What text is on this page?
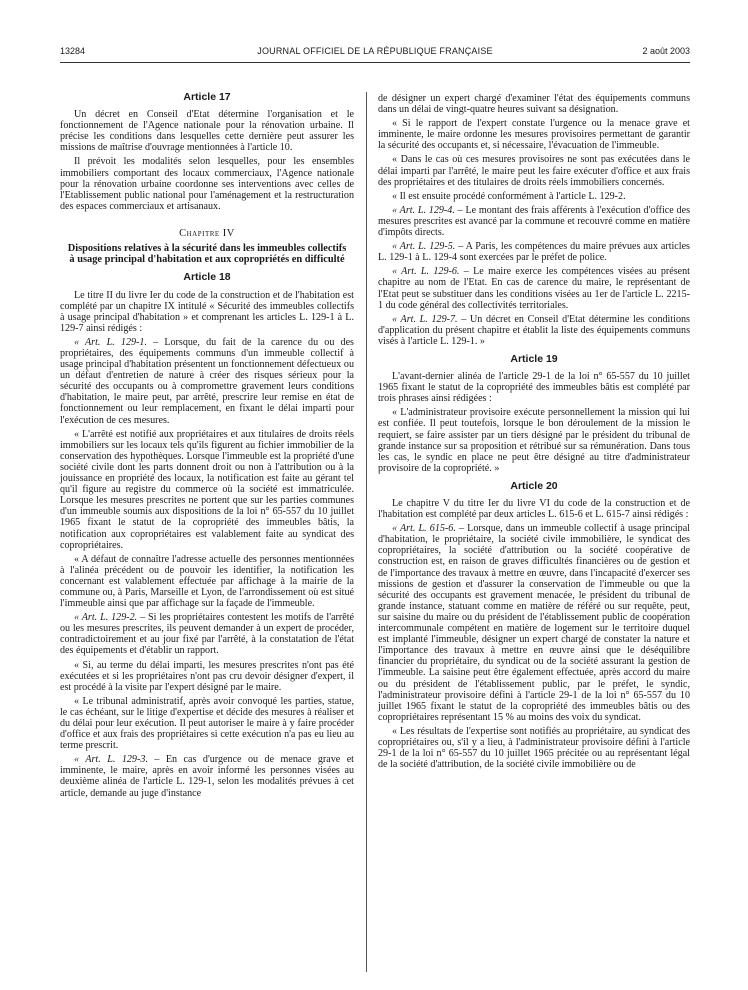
13284	JOURNAL OFFICIEL DE LA RÉPUBLIQUE FRANÇAISE	2 août 2003
Article 17

Un décret en Conseil d'Etat détermine l'organisation et le fonctionnement de l'Agence nationale pour la rénovation urbaine. Il précise les conditions dans lesquelles cette dernière peut assurer les missions de maîtrise d'ouvrage mentionnées à l'article 10.

Il prévoit les modalités selon lesquelles, pour les ensembles immobiliers comportant des locaux commerciaux, l'Agence nationale pour la rénovation urbaine coordonne ses interventions avec celles de l'Etablissement public national pour l'aménagement et la restructuration des espaces commerciaux et artisanaux.

Chapitre IV
Dispositions relatives à la sécurité dans les immeubles collectifs à usage principal d'habitation et aux copropriétés en difficulté
Article 18

Le titre II du livre Ier du code de la construction et de l'habitation est complété par un chapitre IX intitulé « Sécurité des immeubles collectifs à usage principal d'habitation » et comprenant les articles L. 129-1 à L. 129-7 ainsi rédigés :

« Art. L. 129-1. – Lorsque, du fait de la carence du ou des propriétaires, des équipements communs d'un immeuble collectif à usage principal d'habitation présentent un fonctionnement défectueux ou un défaut d'entretien de nature à créer des risques sérieux pour la sécurité des occupants ou à compromettre gravement leurs conditions d'habitation, le maire peut, par arrêté, prescrire leur remise en état de fonctionnement ou leur remplacement, en fixant le délai imparti pour l'exécution de ces mesures.

« L'arrêté est notifié aux propriétaires et aux titulaires de droits réels immobiliers sur les locaux tels qu'ils figurent au fichier immobilier de la conservation des hypothèques. Lorsque l'immeuble est la propriété d'une société civile dont les parts donnent droit ou non à l'attribution ou à la jouissance en propriété des locaux, la notification est faite au gérant tel qu'il figure au registre du commerce où la société est immatriculée. Lorsque les mesures prescrites ne portent que sur les parties communes d'un immeuble soumis aux dispositions de la loi n° 65-557 du 10 juillet 1965 fixant le statut de la copropriété des immeubles bâtis, la notification aux copropriétaires est valablement faite au syndicat des copropriétaires.

« A défaut de connaître l'adresse actuelle des personnes mentionnées à l'alinéa précédent ou de pouvoir les identifier, la notification les concernant est valablement effectuée par affichage à la mairie de la commune ou, à Paris, Marseille et Lyon, de l'arrondissement où est situé l'immeuble ainsi que par affichage sur la façade de l'immeuble.

« Art. L. 129-2. – Si les propriétaires contestent les motifs de l'arrêté ou les mesures prescrites, ils peuvent demander à un expert de procéder, contradictoirement et au jour fixé par l'arrêté, à la constatation de l'état des équipements et d'établir un rapport.

« Si, au terme du délai imparti, les mesures prescrites n'ont pas été exécutées et si les propriétaires n'ont pas cru devoir désigner d'expert, il est procédé à la visite par l'expert désigné par le maire.

« Le tribunal administratif, après avoir convoqué les parties, statue, le cas échéant, sur le litige d'expertise et décide des mesures à réaliser et du délai pour leur exécution. Il peut autoriser le maire à y faire procéder d'office et aux frais des propriétaires si cette exécution n'a pas eu lieu au terme prescrit.

« Art. L. 129-3. – En cas d'urgence ou de menace grave et imminente, le maire, après en avoir informé les personnes visées au deuxième alinéa de l'article L. 129-1, selon les modalités prévues à cet article, demande au juge d'instance

de désigner un expert chargé d'examiner l'état des équipements communs dans un délai de vingt-quatre heures suivant sa désignation.

« Si le rapport de l'expert constate l'urgence ou la menace grave et imminente, le maire ordonne les mesures provisoires permettant de garantir la sécurité des occupants et, si nécessaire, l'évacuation de l'immeuble.

« Dans le cas où ces mesures provisoires ne sont pas exécutées dans le délai imparti par l'arrêté, le maire peut les faire exécuter d'office et aux frais des propriétaires et des titulaires de droits réels immobiliers concernés.

« Il est ensuite procédé conformément à l'article L. 129-2.

« Art. L. 129-4. – Le montant des frais afférents à l'exécution d'office des mesures prescrites est avancé par la commune et recouvré comme en matière d'impôts directs.

« Art. L. 129-5. – A Paris, les compétences du maire prévues aux articles L. 129-1 à L. 129-4 sont exercées par le préfet de police.

« Art. L. 129-6. – Le maire exerce les compétences visées au présent chapitre au nom de l'Etat. En cas de carence du maire, le représentant de l'Etat peut se substituer dans les conditions visées au 1er de l'article L. 2215-1 du code général des collectivités territoriales.

« Art. L. 129-7. – Un décret en Conseil d'Etat détermine les conditions d'application du présent chapitre et établit la liste des équipements communs visés à l'article L. 129-1. »

Article 19

L'avant-dernier alinéa de l'article 29-1 de la loi n° 65-557 du 10 juillet 1965 fixant le statut de la copropriété des immeubles bâtis est complété par trois phrases ainsi rédigées :

« L'administrateur provisoire exécute personnellement la mission qui lui est confiée. Il peut toutefois, lorsque le bon déroulement de la mission le requiert, se faire assister par un tiers désigné par le président du tribunal de grande instance sur sa proposition et rétribué sur sa rémunération. Dans tous les cas, le syndic en place ne peut être désigné au titre d'administrateur provisoire de la copropriété. »

Article 20

Le chapitre V du titre Ier du livre VI du code de la construction et de l'habitation est complété par deux articles L. 615-6 et L. 615-7 ainsi rédigés :

« Art. L. 615-6. – Lorsque, dans un immeuble collectif à usage principal d'habitation, le propriétaire, la société civile immobilière, le syndicat des copropriétaires, la société d'attribution ou la société coopérative de construction est, en raison de graves difficultés financières ou de gestion et de l'importance des travaux à mettre en œuvre, dans l'incapacité d'exercer ses missions de gestion et d'assurer la conservation de l'immeuble ou que la sécurité des occupants est gravement menacée, le président du tribunal de grande instance, statuant comme en matière de référé ou sur requête, peut, sur saisine du maire ou du président de l'établissement public de coopération intercommunale compétent en matière de logement sur le territoire duquel est implanté l'immeuble, désigner un expert chargé de constater la nature et l'importance des travaux à mettre en œuvre ainsi que le déséquilibre financier du propriétaire, du syndicat ou de la société assurant la gestion de l'immeuble. La saisine peut être également effectuée, après accord du maire ou du président de l'établissement public, par le préfet, le syndic, l'administrateur provisoire défini à l'article 29-1 de la loi n° 65-557 du 10 juillet 1965 fixant le statut de la copropriété des immeubles bâtis ou des copropriétaires représentant 15 % au moins des voix du syndicat.

« Les résultats de l'expertise sont notifiés au propriétaire, au syndicat des copropriétaires ou, s'il y a lieu, à l'administrateur provisoire défini à l'article 29-1 de la loi n° 65-557 du 10 juillet 1965 précitée ou au représentant légal de la société d'attribution, de la société civile immobilière ou de
